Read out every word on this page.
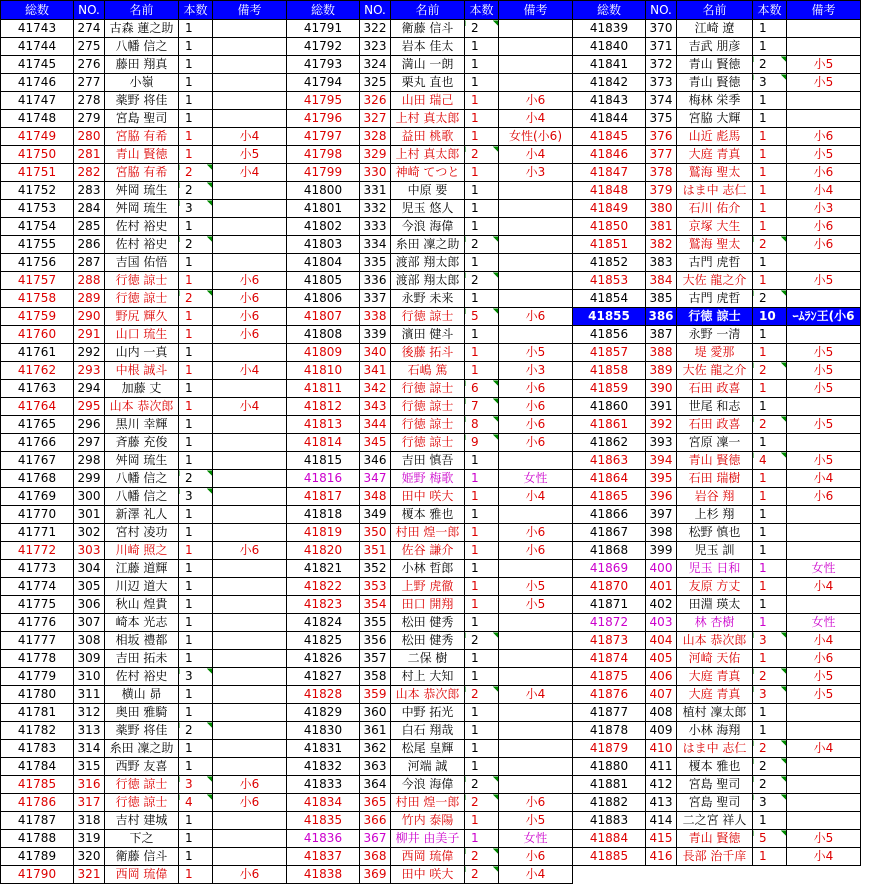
総数	NO.	名前	本数	備考
41743	274	古森 蓮之助	1	
41744	275	八幡 信之	1	
41745	276	藤田 翔真	1	
41746	277	小嶺	1	
41747	278	薬野 将佳	1	
41748	279	宮島 聖司	1	
41749	280	宮脇 有希	1	小4
41750	281	青山 賢徳	1	小5
41751	282	宮脇 有希	2	小4
41752	283	舛岡 琉生	2	
41753	284	舛岡 琉生	3	
41754	285	佐村 裕史	1	
41755	286	佐村 裕史	2	
41756	287	吉国 佑悟	1	
41757	288	行徳 諒士	1	小6
41758	289	行徳 諒士	2	小6
41759	290	野尻 輝久	1	小6
41760	291	山口 琉生	1	小6
41761	292	山内 一真	1	
41762	293	中根 誠斗	1	小4
41763	294	加藤 丈	1	
41764	295	山本 恭次郎	1	小4
41765	296	黒川 幸輝	1	
41766	297	斉藤 充俊	1	
41767	298	舛岡 琉生	1	
41768	299	八幡 信之	2	
41769	300	八幡 信之	3	
41770	301	新澤 礼人	1	
41771	302	宮村 凌功	1	
41772	303	川崎 照之	1	小6
41773	304	江藤 道輝	1	
41774	305	川辺 道大	1	
41775	306	秋山 煌貴	1	
41776	307	崎本 光志	1	
41777	308	相坂 禮都	1	
41778	309	吉田 拓未	1	
41779	310	佐村 裕史	3	
41780	311	横山 昴	1	
41781	312	奥田 雅騎	1	
41782	313	薬野 将佳	2	
41783	314	糸田 凜之助	1	
41784	315	西野 友喜	1	
41785	316	行徳 諒士	3	小6
41786	317	行徳 諒士	4	小6
41787	318	吉村 建城	1	
41788	319	下之	1	
41789	320	衛藤 信斗	1	
41790	321	西岡 琉偉	1	小6
総数	NO.	名前	本数	備考
41791	322	衛藤 信斗	2	
41792	323	岩本 佳太	1	
41793	324	満山 一朗	1	
41794	325	栗丸 直也	1	
41795	326	山田 瑞己	1	小6
41796	327	上村 真太郎	1	小4
41797	328	益田 桃歌	1	女性(小6)
41798	329	上村 真太郎	2	小4
41799	330	神崎 てつと	1	小3
41800	331	中原 要	1	
41801	332	児玉 悠人	1	
41802	333	今浪 海偉	1	
41803	334	糸田 凜之助	2	
41804	335	渡部 翔太郎	1	
41805	336	渡部 翔太郎	2	
41806	337	永野 未来	1	
41807	338	行徳 諒士	5	小6
41808	339	濱田 健斗	1	
41809	340	後藤 拓斗	1	小5
41810	341	石嶋 篤	1	小3
41811	342	行徳 諒士	6	小6
41812	343	行徳 諒士	7	小6
41813	344	行徳 諒士	8	小6
41814	345	行徳 諒士	9	小6
41815	346	吉田 慎吾	1	
41816	347	姫野 梅歌	1	女性
41817	348	田中 咲大	1	小4
41818	349	榎本 雅也	1	
41819	350	村田 煌一郎	1	小6
41820	351	佐谷 謙介	1	小6
41821	352	小林 哲郎	1	
41822	353	上野 虎徹	1	小5
41823	354	田口 開翔	1	小5
41824	355	松田 健秀	1	
41825	356	松田 健秀	2	
41826	357	二保 樹	1	
41827	358	村上 大知	1	
41828	359	山本 恭次郎	2	小4
41829	360	中野 拓光	1	
41830	361	白石 翔哉	1	
41831	362	松尾 皇輝	1	
41832	363	河端 誠	1	
41833	364	今浪 海偉	2	
41834	365	村田 煌一郎	2	小6
41835	366	竹内 泰陽	1	小5
41836	367	柳井 由美子	1	女性
41837	368	西岡 琉偉	2	小6
41838	369	田中 咲大	2	小4
総数	NO.	名前	本数	備考
41839	370	江崎 遼	1	
41840	371	吉武 朋彦	1	
41841	372	青山 賢徳	2	小5
41842	373	青山 賢徳	3	小5
41843	374	梅林 栄季	1	
41844	375	宮脇 大輝	1	
41845	376	山近 彪馬	1	小6
41846	377	大庭 青真	1	小5
41847	378	鷲海 聖太	1	小6
41848	379	はま中 志仁	1	小4
41849	380	石川 佑介	1	小3
41850	381	京塚 大生	1	小6
41851	382	鷲海 聖太	2	小6
41852	383	古門 虎哲	1	
41853	384	大佐 龍之介	1	小5
41854	385	古門 虎哲	2	
41855	386	行徳 諒士	10	ｰﾑﾗﾝ王(小6
41856	387	永野 一清	1	
41857	388	堤 愛那	1	小5
41858	389	大佐 龍之介	2	小5
41859	390	石田 政喜	1	小5
41860	391	世尾 和志	1	
41861	392	石田 政喜	2	小5
41862	393	宮原 凜一	1	
41863	394	青山 賢徳	4	小5
41864	395	石田 瑞樹	1	小4
41865	396	岩谷 翔	1	小6
41866	397	上杉 翔	1	
41867	398	松野 慎也	1	
41868	399	児玉 訓	1	
41869	400	児玉 日和	1	女性
41870	401	友原 方丈	1	小4
41871	402	田淵 瑛太	1	
41872	403	林 杏樹	1	女性
41873	404	山本 恭次郎	3	小4
41874	405	河崎 天佑	1	小6
41875	406	大庭 青真	2	小5
41876	407	大庭 青真	3	小5
41877	408	植村 凜太郎	1	
41878	409	小林 海翔	1	
41879	410	はま中 志仁	2	小4
41880	411	榎本 雅也	2	
41881	412	宮島 聖司	2	
41882	413	宮島 聖司	3	
41883	414	二之宮 祥人	1	
41884	415	青山 賢徳	5	小5
41885	416	長部 治千庠	1	小4
